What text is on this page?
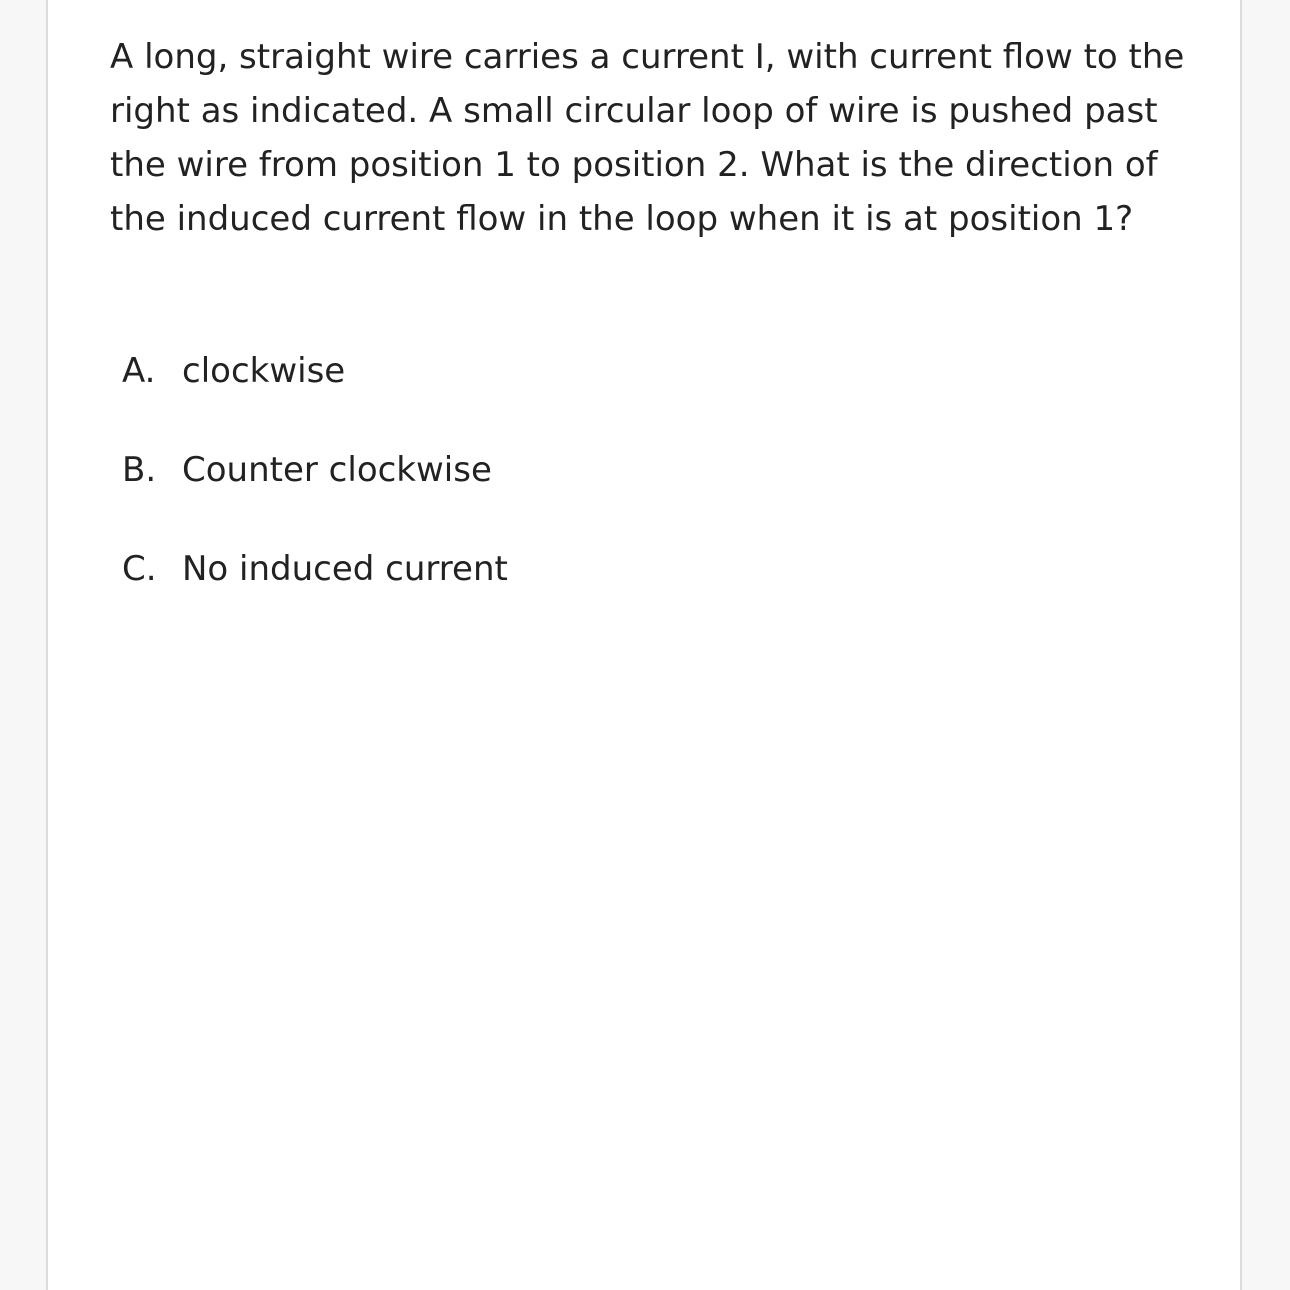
A long, straight wire carries a current I, with current flow to the right as indicated. A small circular loop of wire is pushed past the wire from position 1 to position 2. What is the direction of the induced current flow in the loop when it is at position 1?

A. clockwise
B. Counter clockwise
C. No induced current
